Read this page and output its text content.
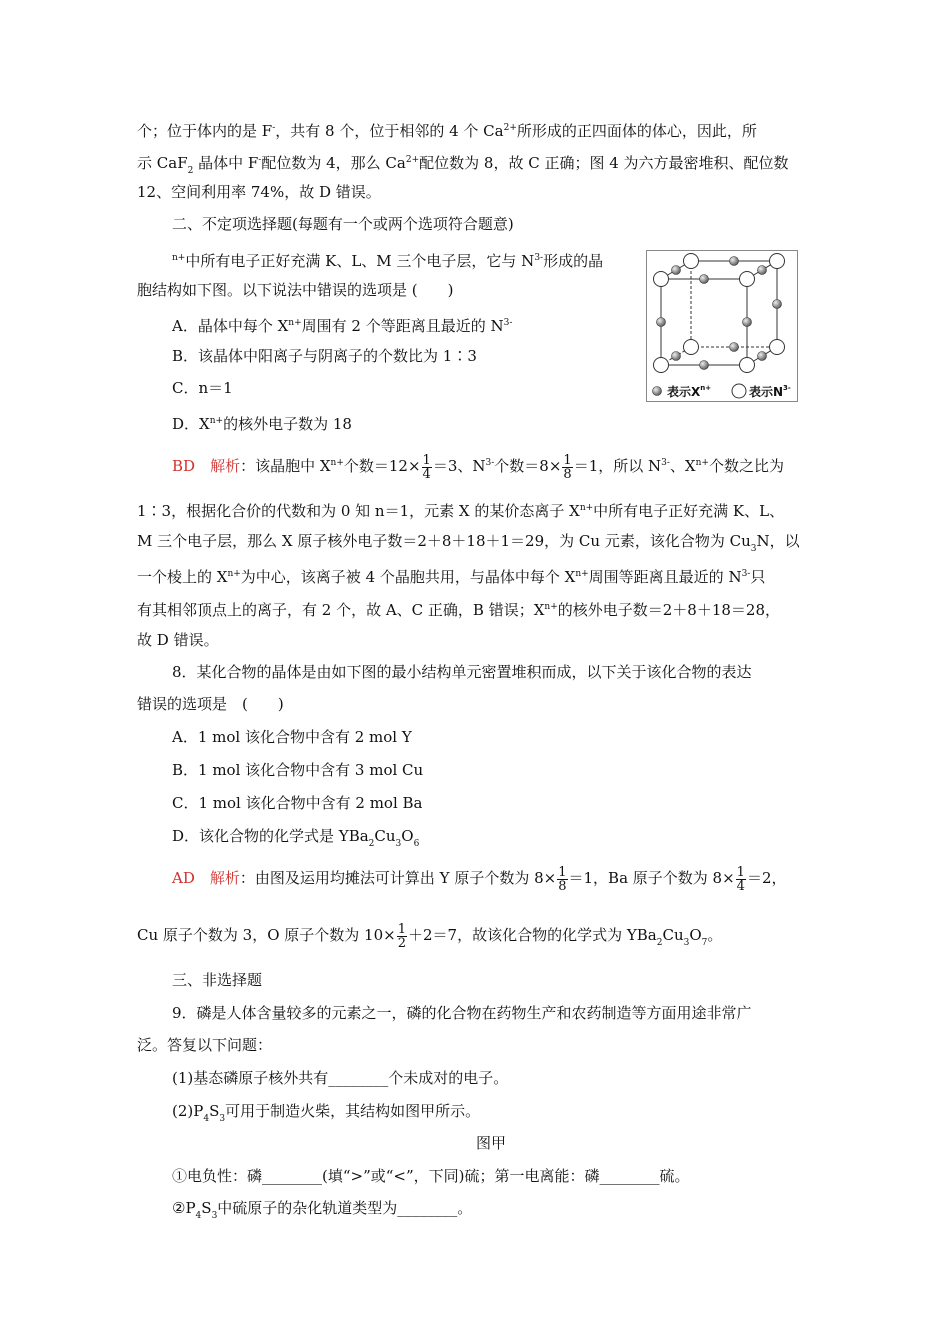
个；位于体内的是 F-，共有 8 个，位于相邻的 4 个 $Ca^{2+}$所形成的正四面体的体心，因此，所
示 CaF$_2$ 晶体中 F-配位数为 4，那么 $Ca^{2+}$配位数为 8，故 C 正确；图 4 为六方最密堆积、配位数
12、空间利用率 74%，故 D 错误。
二、不定项选择题(每题有一个或两个选项符合题意)
$^{n+}$中所有电子正好充满 K、L、M 三个电子层，它与 $N^{3-}$形成的晶
胞结构如下图。以下说法中错误的选项是 (　　)
A．晶体中每个 $X^{n+}$周围有 2 个等距离且最近的 $N^{3-}$
B．该晶体中阳离子与阴离子的个数比为 1∶3
C．n＝1
D．$X^{n+}$的核外电子数为 18
表示$X^{n+}$	表示$N^{3-}$
BD　 解析：该晶胞中 $X^{n+}$个数$=12\times \frac{1}{4} =3$、$N^{3-}$个数$=8\times \frac{1}{8} =1$，所以 $N^{3-}$、$X^{n+}$个数之比为
1∶3，根据化合价的代数和为 0 知 n＝1，元素 X 的某价态离子 $X^{n+}$中所有电子正好充满 K、L、
M 三个电子层，那么 X 原子核外电子数＝2＋8＋18＋1＝29，为 Cu 元素，该化合物为 $Cu_3N$，以
一个棱上的 $X^{n+}$为中心，该离子被 4 个晶胞共用，与晶体中每个 $X^{n+}$周围等距离且最近的 $N^{3-}$只
有其相邻顶点上的离子，有 2 个，故 A、C 正确，B 错误；$X^{n+}$的核外电子数＝2＋8＋18＝28，
故 D 错误。
8．某化合物的晶体是由如下图的最小结构单元密置堆积而成，以下关于该化合物的表达
错误的选项是　(　　)
A．1 mol 该化合物中含有 2 mol Y
B．1 mol 该化合物中含有 3 mol Cu
C．1 mol 该化合物中含有 2 mol Ba
D．该化合物的化学式是 $YBa_2Cu_3O_6$
AD　 解析：由图及运用均摊法可计算出 Y 原子个数为 $8\times \frac{1}{8} =1$，Ba 原子个数为 $8\times \frac{1}{4} =2$，
Cu 原子个数为 3，O 原子个数为 $10\times \frac{1}{2} +2=7$，故该化合物的化学式为 $YBa_2Cu_3O_7$。
三、非选择题
9．磷是人体含量较多的元素之一，磷的化合物在药物生产和农药制造等方面用途非常广
泛。答复以下问题：
(1)基态磷原子核外共有________个未成对的电子。
$(2)P_4S_3$可用于制造火柴，其结构如图甲所示。
图甲
①电负性：磷________(填“>”或“<”，下同)硫；第一电离能：磷________硫。
$②P_4S_3$中硫原子的杂化轨道类型为________。
